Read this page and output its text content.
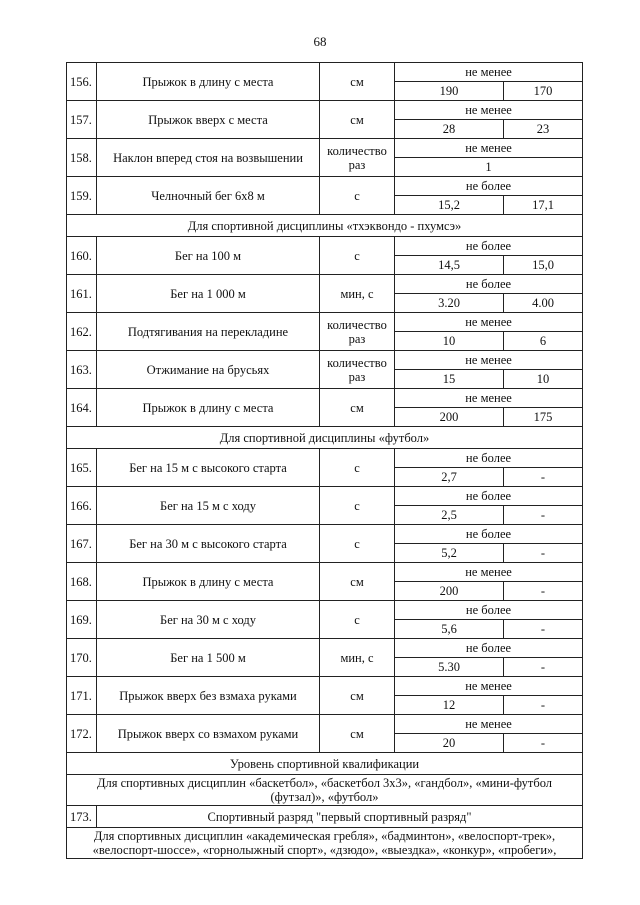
68
156.	Прыжок в длину с места	см	не менее	
			190	170
157.	Прыжок вверх с места	см	не менее	
			28	23
158.	Наклон вперед стоя на возвышении	количество раз	не менее	
			1	
159.	Челночный бег 6x8 м	с	не более	
			15,2	17,1
Для спортивной дисциплины «тхэквондо - пхумсэ»				
160.	Бег на 100 м	с	не более	
			14,5	15,0
161.	Бег на 1 000 м	мин, с	не более	
			3.20	4.00
162.	Подтягивания на перекладине	количество раз	не менее	
			10	6
163.	Отжимание на брусьях	количество раз	не менее	
			15	10
164.	Прыжок в длину с места	см	не менее	
			200	175
Для спортивной дисциплины «футбол»				
165.	Бег на 15 м с высокого старта	с	не более	
			2,7	-
166.	Бег на 15 м с ходу	с	не более	
			2,5	-
167.	Бег на 30 м с высокого старта	с	не более	
			5,2	-
168.	Прыжок в длину с места	см	не менее	
			200	-
169.	Бег на 30 м с ходу	с	не более	
			5,6	-
170.	Бег на 1 500 м	мин, с	не более	
			5.30	-
171.	Прыжок вверх без взмаха руками	см	не менее	
			12	-
172.	Прыжок вверх со взмахом руками	см	не менее	
			20	-
Уровень спортивной квалификации				
Для спортивных дисциплин «баскетбол», «баскетбол 3x3», «гандбол», «мини-футбол (футзал)», «футбол»				
173.	Спортивный разряд "первый спортивный разряд"			
Для спортивных дисциплин «академическая гребля», «бадминтон», «велоспорт-трек», «велоспорт-шоссе», «горнолыжный спорт», «дзюдо», «выездка», «конкур», «пробеги»,				
